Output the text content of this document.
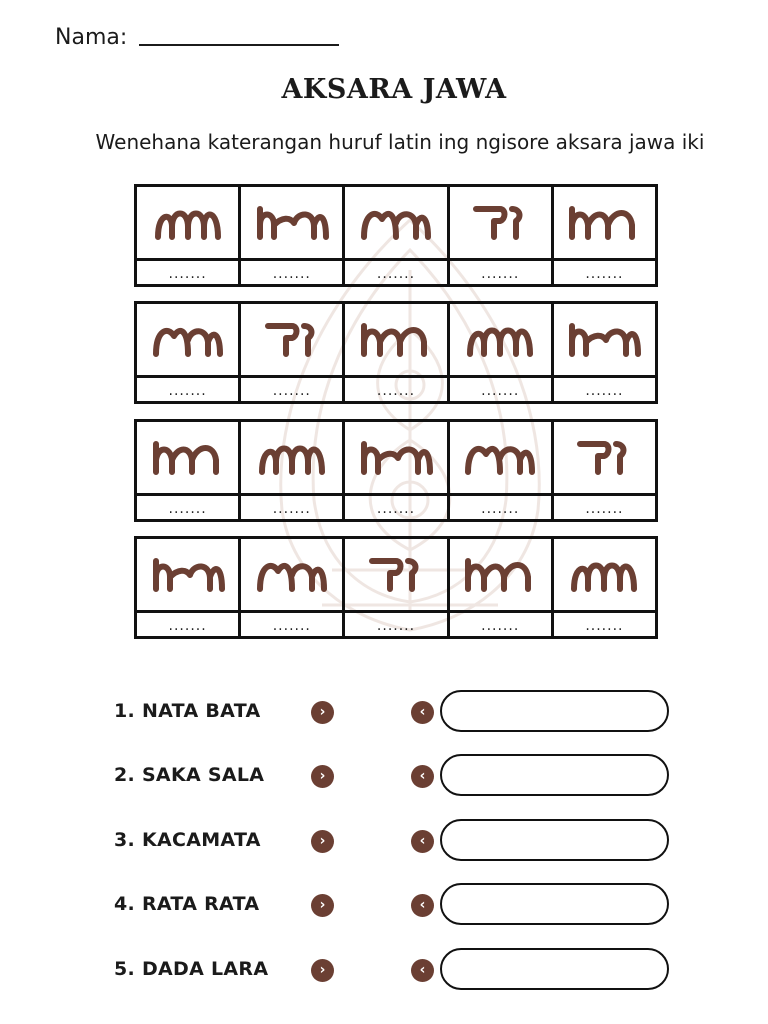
Nama:
AKSARA JAWA
Wenehana katerangan huruf latin ing ngisore aksara jawa iki
.......	.......	.......	.......	.......
.......	.......	.......	.......	.......
.......	.......	.......	.......	.......
.......	.......	.......	.......	.......
1. NATA BATA	›	‹
2. SAKA SALA	›	‹
3. KACAMATA	›	‹
4. RATA RATA	›	‹
5. DADA LARA	›	‹
